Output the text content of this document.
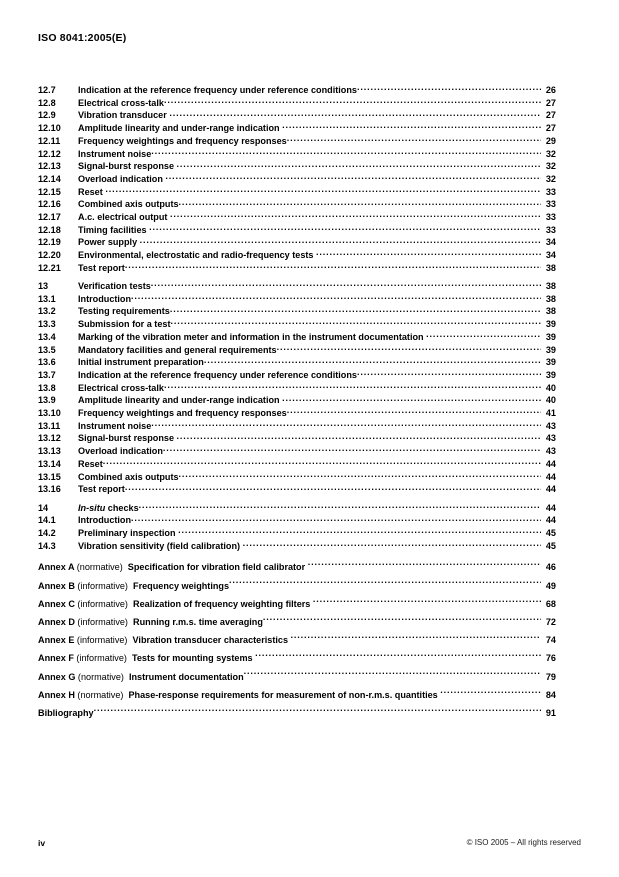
ISO 8041:2005(E)
12.7	Indication at the reference frequency under reference conditions .....	26
12.8	Electrical cross-talk .....	27
12.9	Vibration transducer .....	27
12.10	Amplitude linearity and under-range indication .....	27
12.11	Frequency weightings and frequency responses .....	29
12.12	Instrument noise .....	32
12.13	Signal-burst response .....	32
12.14	Overload indication .....	32
12.15	Reset .....	33
12.16	Combined axis outputs .....	33
12.17	A.c. electrical output .....	33
12.18	Timing facilities .....	33
12.19	Power supply .....	34
12.20	Environmental, electrostatic and radio-frequency tests .....	34
12.21	Test report .....	38
13	Verification tests .....	38
13.1	Introduction .....	38
13.2	Testing requirements .....	38
13.3	Submission for a test .....	39
13.4	Marking of the vibration meter and information in the instrument documentation .....	39
13.5	Mandatory facilities and general requirements .....	39
13.6	Initial instrument preparation .....	39
13.7	Indication at the reference frequency under reference conditions .....	39
13.8	Electrical cross-talk .....	40
13.9	Amplitude linearity and under-range indication .....	40
13.10	Frequency weightings and frequency responses .....	41
13.11	Instrument noise .....	43
13.12	Signal-burst response .....	43
13.13	Overload indication .....	43
13.14	Reset .....	44
13.15	Combined axis outputs .....	44
13.16	Test report .....	44
14	In-situ checks .....	44
14.1	Introduction .....	44
14.2	Preliminary inspection .....	45
14.3	Vibration sensitivity (field calibration) .....	45
Annex A (normative) Specification for vibration field calibrator .....	46
Annex B (informative) Frequency weightings .....	49
Annex C (informative) Realization of frequency weighting filters .....	68
Annex D (informative) Running r.m.s. time averaging .....	72
Annex E (informative) Vibration transducer characteristics .....	74
Annex F (informative) Tests for mounting systems .....	76
Annex G (normative) Instrument documentation .....	79
Annex H (normative) Phase-response requirements for measurement of non-r.m.s. quantities .....	84
Bibliography .....	91
iv	© ISO 2005 – All rights reserved
